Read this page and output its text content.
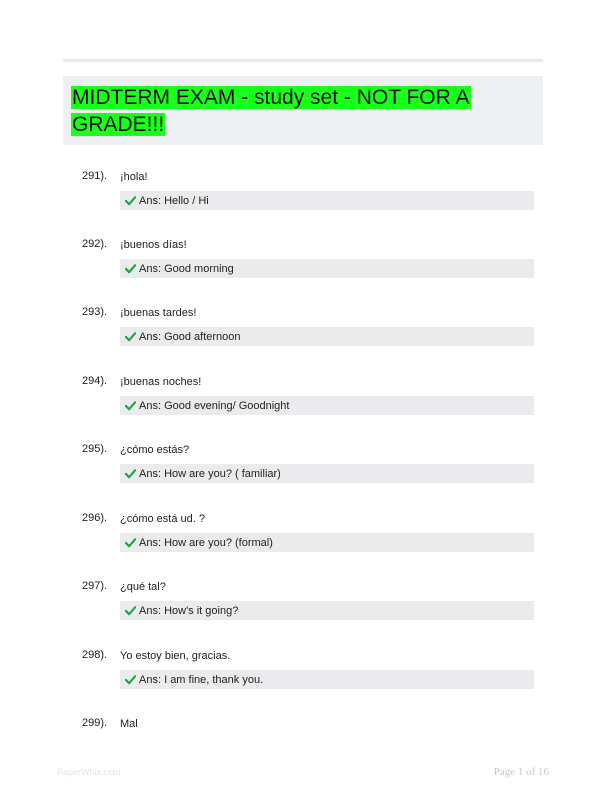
MIDTERM EXAM - study set - NOT FOR A GRADE!!!
291). ¡hola!
Ans:
Hello / Hi
292). ¡buenos días!
Ans:
Good morning
293). ¡buenas tardes!
Ans:
Good afternoon
294). ¡buenas noches!
Ans:
Good evening/ Goodnight
295). ¿cómo estás?
Ans:
How are you? ( familiar)
296). ¿cómo está ud. ?
Ans:
How are you? (formal)
297). ¿qué tal?
Ans:
How's it going?
298). Yo estoy bien, gracias.
Ans:
I am fine, thank you.
299). Mal
PaperWhiz.com	Page 1 of 16
